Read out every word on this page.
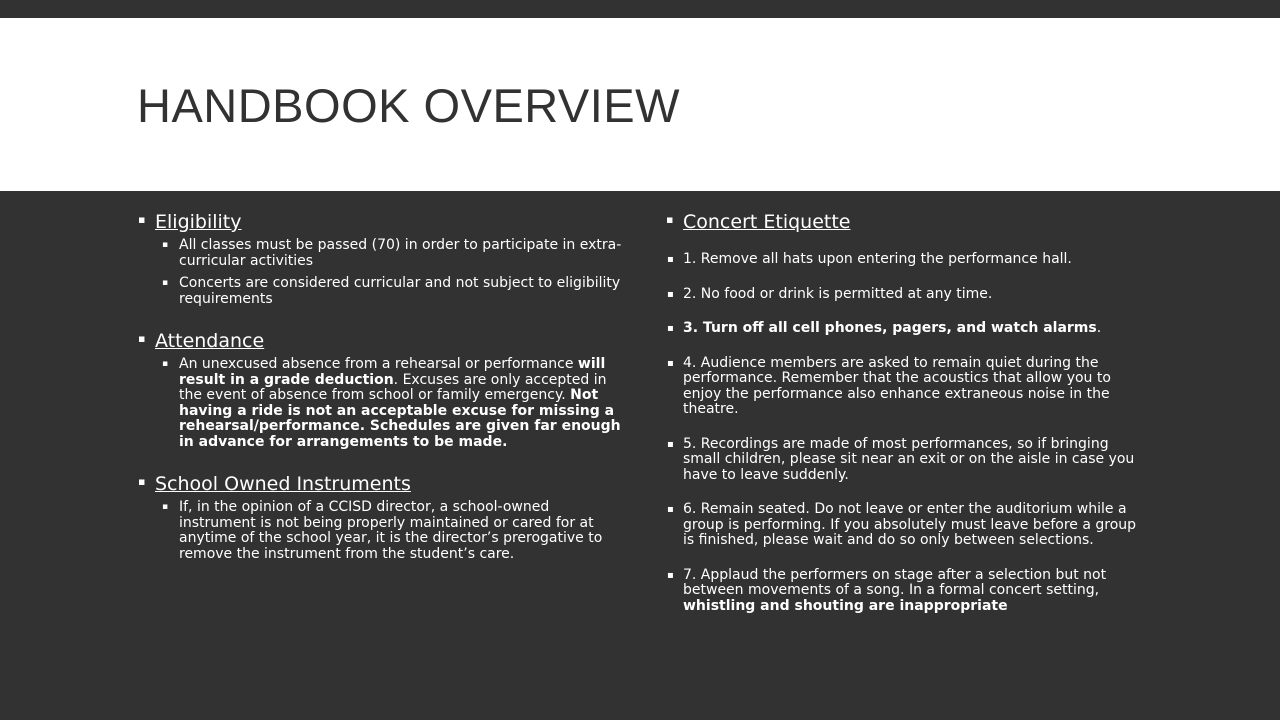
HANDBOOK OVERVIEW

▪ Eligibility

▪ All classes must be passed (70) in order to participate in extra-curricular activities

▪ Concerts are considered curricular and not subject to eligibility requirements

▪ Attendance

▪ An unexcused absence from a rehearsal or performance will result in a grade deduction. Excuses are only accepted in the event of absence from school or family emergency. Not having a ride is not an acceptable excuse for missing a rehearsal/performance. Schedules are given far enough in advance for arrangements to be made.

▪ School Owned Instruments

▪ If, in the opinion of a CCISD director, a school-owned instrument is not being properly maintained or cared for at anytime of the school year, it is the director’s prerogative to remove the instrument from the student’s care.

▪ Concert Etiquette

▪ 1. Remove all hats upon entering the performance hall.

▪ 2. No food or drink is permitted at any time.

▪ 3. Turn off all cell phones, pagers, and watch alarms.

▪ 4. Audience members are asked to remain quiet during the performance. Remember that the acoustics that allow you to enjoy the performance also enhance extraneous noise in the theatre.

▪ 5. Recordings are made of most performances, so if bringing small children, please sit near an exit or on the aisle in case you have to leave suddenly.

▪ 6. Remain seated. Do not leave or enter the auditorium while a group is performing. If you absolutely must leave before a group is finished, please wait and do so only between selections.

▪ 7. Applaud the performers on stage after a selection but not between movements of a song. In a formal concert setting, whistling and shouting are inappropriate
